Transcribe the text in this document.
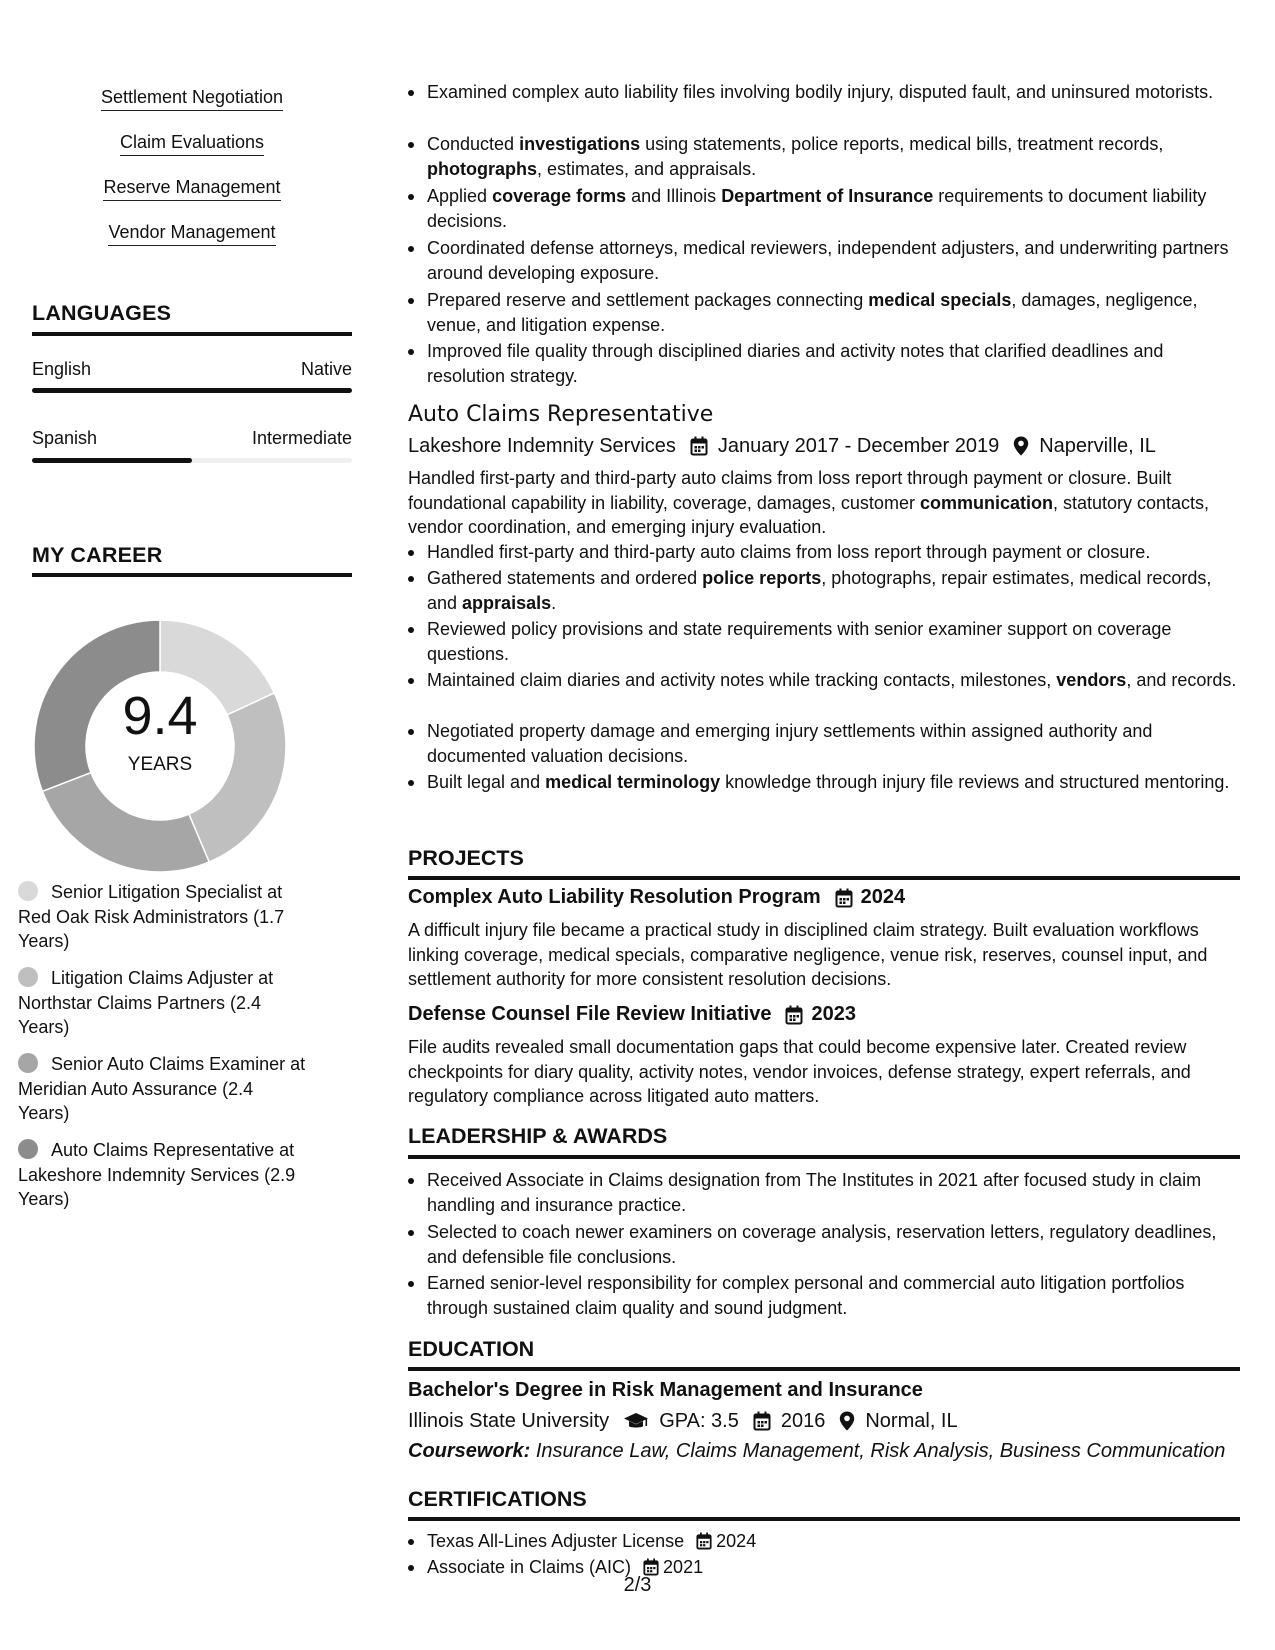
Settlement Negotiation
Claim Evaluations
Reserve Management
Vendor Management
LANGUAGES
English	Native
Spanish	Intermediate
MY CAREER
9.4
YEARS
Senior Litigation Specialist at Red Oak Risk Administrators (1.7 Years)
Litigation Claims Adjuster at Northstar Claims Partners (2.4 Years)
Senior Auto Claims Examiner at Meridian Auto Assurance (2.4 Years)
Auto Claims Representative at Lakeshore Indemnity Services (2.9 Years)
Examined complex auto liability files involving bodily injury, disputed fault, and uninsured motorists.
Conducted investigations using statements, police reports, medical bills, treatment records, photographs, estimates, and appraisals.
Applied coverage forms and Illinois Department of Insurance requirements to document liability decisions.
Coordinated defense attorneys, medical reviewers, independent adjusters, and underwriting partners around developing exposure.
Prepared reserve and settlement packages connecting medical specials, damages, negligence, venue, and litigation expense.
Improved file quality through disciplined diaries and activity notes that clarified deadlines and resolution strategy.
Auto Claims Representative
Lakeshore Indemnity Services January 2017 - December 2019 Naperville, IL
Handled first-party and third-party auto claims from loss report through payment or closure. Built foundational capability in liability, coverage, damages, customer communication, statutory contacts, vendor coordination, and emerging injury evaluation.
Handled first-party and third-party auto claims from loss report through payment or closure.
Gathered statements and ordered police reports, photographs, repair estimates, medical records, and appraisals.
Reviewed policy provisions and state requirements with senior examiner support on coverage questions.
Maintained claim diaries and activity notes while tracking contacts, milestones, vendors, and records.
Negotiated property damage and emerging injury settlements within assigned authority and documented valuation decisions.
Built legal and medical terminology knowledge through injury file reviews and structured mentoring.
PROJECTS
Complex Auto Liability Resolution Program 2024
A difficult injury file became a practical study in disciplined claim strategy. Built evaluation workflows linking coverage, medical specials, comparative negligence, venue risk, reserves, counsel input, and settlement authority for more consistent resolution decisions.
Defense Counsel File Review Initiative 2023
File audits revealed small documentation gaps that could become expensive later. Created review checkpoints for diary quality, activity notes, vendor invoices, defense strategy, expert referrals, and regulatory compliance across litigated auto matters.
LEADERSHIP & AWARDS
Received Associate in Claims designation from The Institutes in 2021 after focused study in claim handling and insurance practice.
Selected to coach newer examiners on coverage analysis, reservation letters, regulatory deadlines, and defensible file conclusions.
Earned senior-level responsibility for complex personal and commercial auto litigation portfolios through sustained claim quality and sound judgment.
EDUCATION
Bachelor's Degree in Risk Management and Insurance
Illinois State University	GPA: 3.5 2016 Normal, IL
Coursework: Insurance Law, Claims Management, Risk Analysis, Business Communication
CERTIFICATIONS
Texas All-Lines Adjuster License 2024
Associate in Claims (AIC) 2021
2/3
